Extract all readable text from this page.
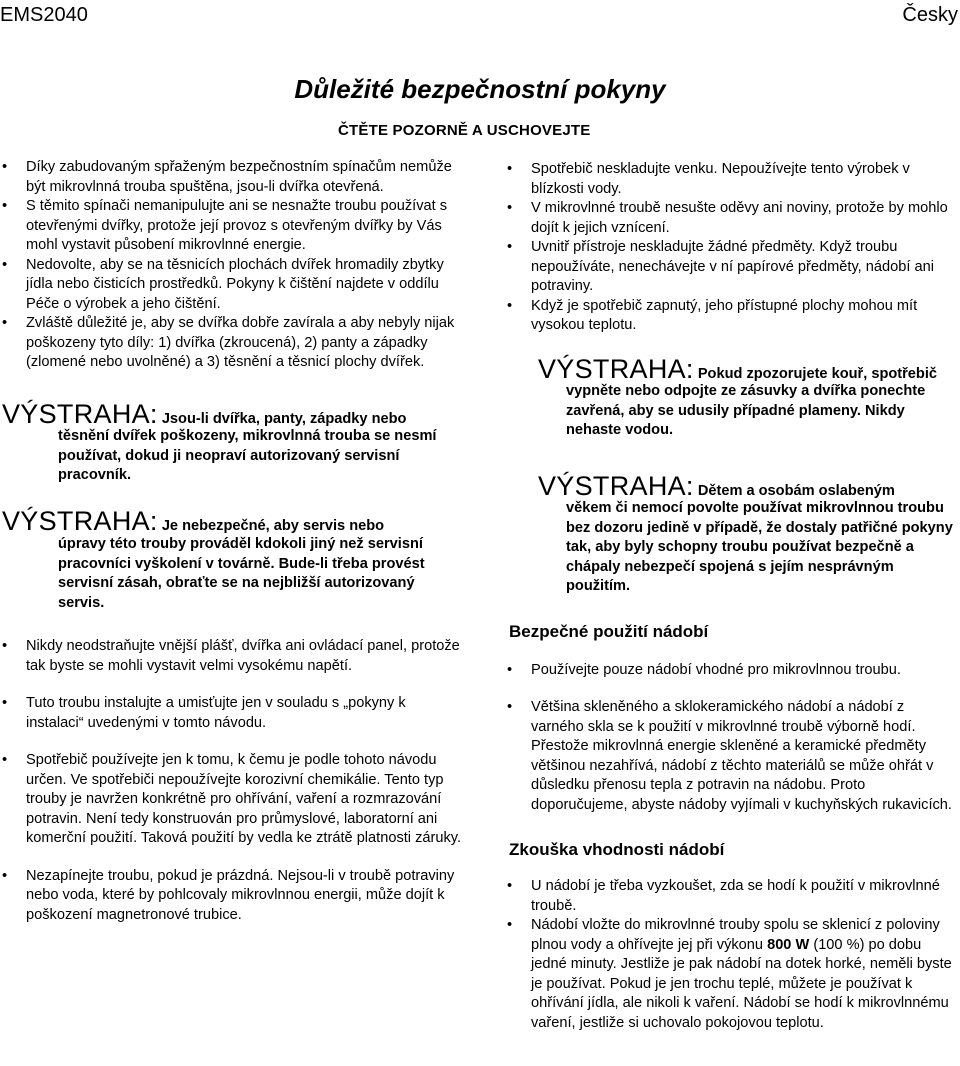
EMS2040	Česky
Důležité bezpečnostní pokyny
ČTĚTE POZORNĚ A USCHOVEJTE
• Díky zabudovaným spřaženým bezpečnostním spínačům nemůže být mikrovlnná trouba spuštěna, jsou-li dvířka otevřená.
• S těmito spínači nemanipulujte ani se nesnažte troubu používat s otevřenými dvířky, protože její provoz s otevřeným dvířky by Vás mohl vystavit působení mikrovlnné energie.
• Nedovolte, aby se na těsnicích plochách dvířek hromadily zbytky jídla nebo čisticích prostředků. Pokyny k čištění najdete v oddílu Péče o výrobek a jeho čištění.
• Zvláště důležité je, aby se dvířka dobře zavírala a aby nebyly nijak poškozeny tyto díly: 1) dvířka (zkroucená), 2) panty a západky (zlomené nebo uvolněné) a 3) těsnění a těsnicí plochy dvířek.
VÝSTRAHA: Jsou-li dvířka, panty, západky nebo
těsnění dvířek poškozeny, mikrovlnná trouba se nesmí používat, dokud ji neopraví autorizovaný servisní pracovník.
VÝSTRAHA: Je nebezpečné, aby servis nebo
úpravy této trouby prováděl kdokoli jiný než servisní pracovníci vyškolení v továrně. Bude-li třeba provést servisní zásah, obraťte se na nejbližší autorizovaný servis.
• Nikdy neodstraňujte vnější plášť, dvířka ani ovládací panel, protože tak byste se mohli vystavit velmi vysokému napětí.
• Tuto troubu instalujte a umisťujte jen v souladu s „pokyny k instalaci“ uvedenými v tomto návodu.
• Spotřebič používejte jen k tomu, k čemu je podle tohoto návodu určen. Ve spotřebiči nepoužívejte korozivní chemikálie. Tento typ trouby je navržen konkrétně pro ohřívání, vaření a rozmrazování potravin. Není tedy konstruován pro průmyslové, laboratorní ani komerční použití. Taková použití by vedla ke ztrátě platnosti záruky.
• Nezapínejte troubu, pokud je prázdná. Nejsou-li v troubě potraviny nebo voda, které by pohlcovaly mikrovlnnou energii, může dojít k poškození magnetronové trubice.
• Spotřebič neskladujte venku. Nepoužívejte tento výrobek v blízkosti vody.
• V mikrovlnné troubě nesušte oděvy ani noviny, protože by mohlo dojít k jejich vznícení.
• Uvnitř přístroje neskladujte žádné předměty. Když troubu nepoužíváte, nenechávejte v ní papírové předměty, nádobí ani potraviny.
• Když je spotřebič zapnutý, jeho přístupné plochy mohou mít vysokou teplotu.
VÝSTRAHA: Pokud zpozorujete kouř, spotřebič
vypněte nebo odpojte ze zásuvky a dvířka ponechte zavřená, aby se udusily případné plameny. Nikdy nehaste vodou.
VÝSTRAHA: Dětem a osobám oslabeným
věkem či nemocí povolte používat mikrovlnnou troubu bez dozoru jedině v případě, že dostaly patřičné pokyny tak, aby byly schopny troubu používat bezpečně a chápaly nebezpečí spojená s jejím nesprávným použitím.
Bezpečné použití nádobí
• Používejte pouze nádobí vhodné pro mikrovlnnou troubu.
• Většina skleněného a sklokeramického nádobí a nádobí z varného skla se k použití v mikrovlnné troubě výborně hodí. Přestože mikrovlnná energie skleněné a keramické předměty většinou nezahřívá, nádobí z těchto materiálů se může ohřát v důsledku přenosu tepla z potravin na nádobu. Proto doporučujeme, abyste nádoby vyjímali v kuchyňských rukavicích.
Zkouška vhodnosti nádobí
• U nádobí je třeba vyzkoušet, zda se hodí k použití v mikrovlnné troubě.
• Nádobí vložte do mikrovlnné trouby spolu se sklenicí z poloviny plnou vody a ohřívejte jej při výkonu 800 W (100 %) po dobu jedné minuty. Jestliže je pak nádobí na dotek horké, neměli byste je používat. Pokud je jen trochu teplé, můžete je používat k ohřívání jídla, ale nikoli k vaření. Nádobí se hodí k mikrovlnnému vaření, jestliže si uchovalo pokojovou teplotu.
